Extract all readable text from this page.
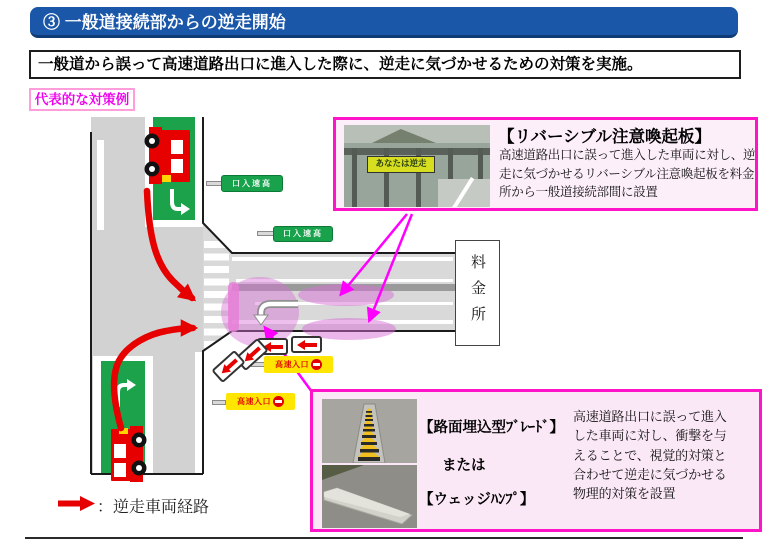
③ 一般道接続部からの逆走開始
一般道から誤って高速道路出口に進入した際に、逆走に気づかせるための対策を実施。
代表的な対策例
料金所
口入速高
口入速高
高速入口
高速入口
：逆走車両経路
あなたは逆走
【リバーシブル注意喚起板】
高速道路出口に誤って進入した車両に対し、逆走に気づかせるリバーシブル注意喚起板を料金所から一般道接続部間に設置
【路面埋込型ﾌﾞﾚｰﾄﾞ】
または
【ウェッジﾊﾝﾌﾟ】
高速道路出口に誤って進入した車両に対し、衝撃を与えることで、視覚的対策と合わせて逆走に気づかせる物理的対策を設置
